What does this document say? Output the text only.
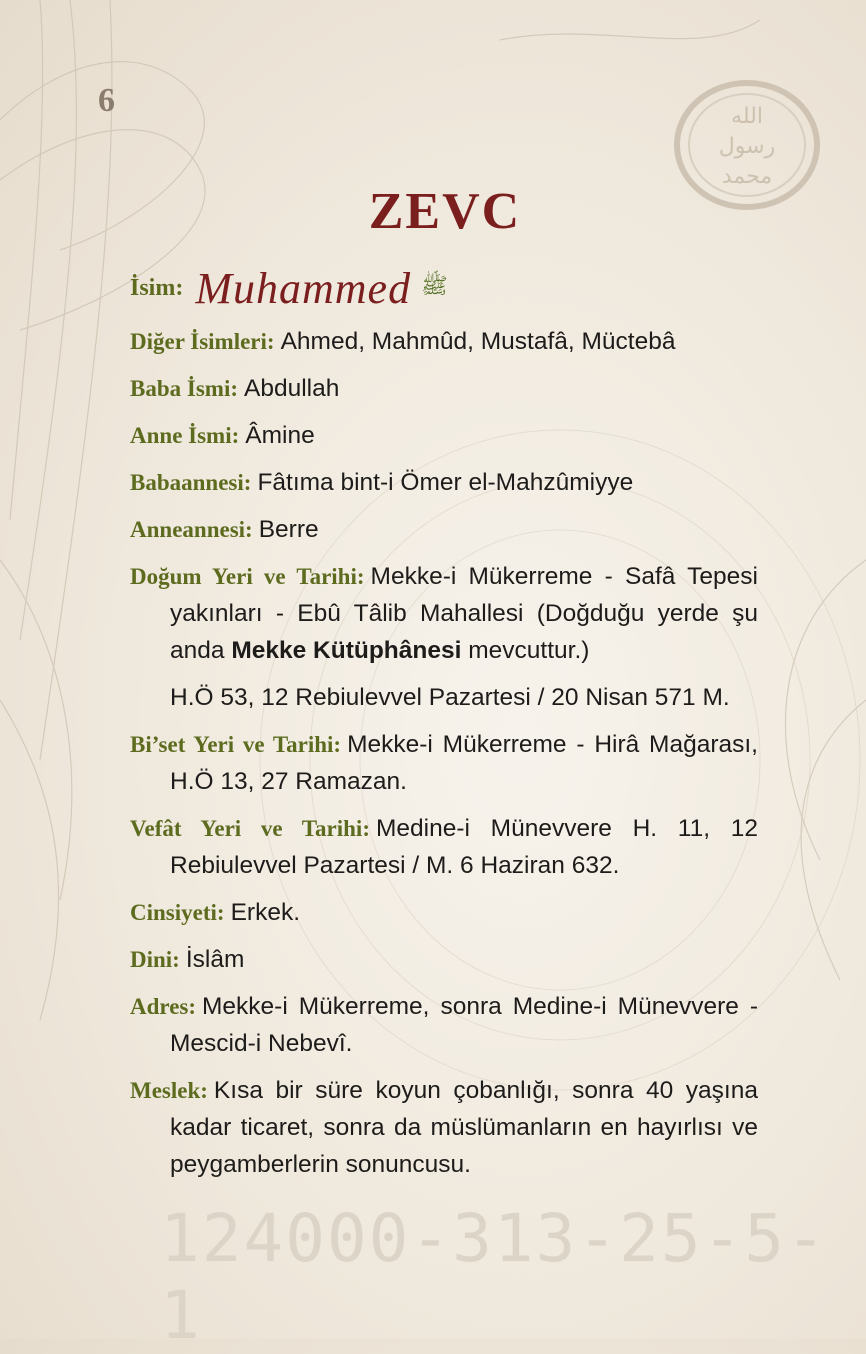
6	الله
رسول
محمد
ZEVC
İsim: Muhammed ﷺ
Diğer İsimleri: Ahmed, Mahmûd, Mustafâ, Müctebâ
Baba İsmi: Abdullah
Anne İsmi: Âmine
Babaannesi: Fâtıma bint-i Ömer el-Mahzûmiyye
Anneannesi: Berre
Doğum Yeri ve Tarihi: Mekke-i Mükerreme - Safâ Tepesi yakınları - Ebû Tâlib Mahallesi (Doğduğu yerde şu anda Mekke Kütüphânesi mevcuttur.)
H.Ö 53, 12 Rebiulevvel Pazartesi / 20 Nisan 571 M.
Bi’set Yeri ve Tarihi: Mekke-i Mükerreme - Hirâ Mağarası, H.Ö 13, 27 Ramazan.
Vefât Yeri ve Tarihi: Medine-i Münevvere H. 11, 12 Rebiulevvel Pazartesi / M. 6 Haziran 632.
Cinsiyeti: Erkek.
Dini: İslâm
Adres: Mekke-i Mükerreme, sonra Medine-i Münevvere - Mescid-i Nebevî.
Meslek: Kısa bir süre koyun çobanlığı, sonra 40 yaşına kadar ticaret, sonra da müslümanların en hayırlısı ve peygamberlerin sonuncusu.
124000-313-25-5-1
